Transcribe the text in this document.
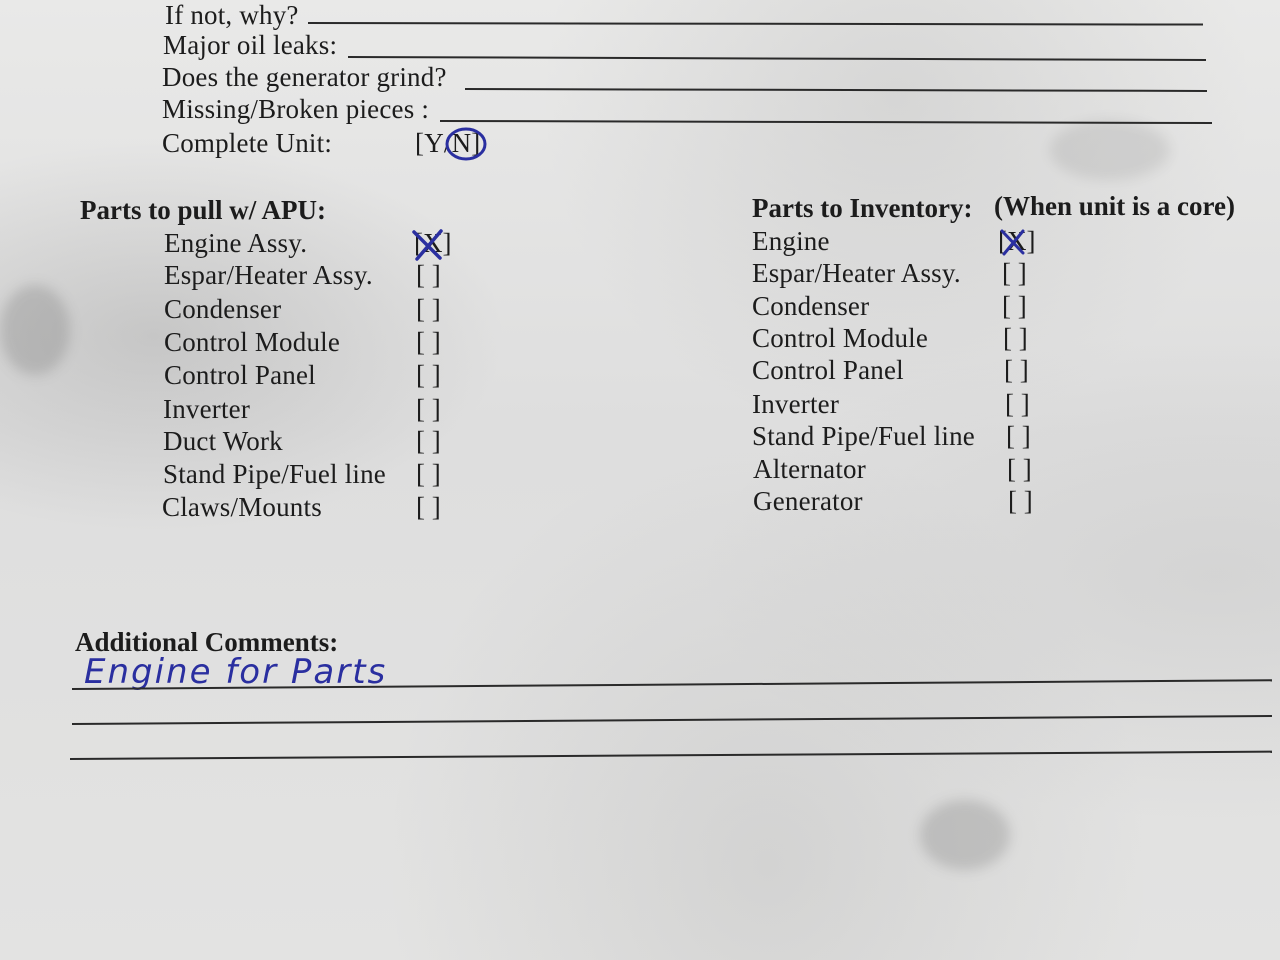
If not, why?
Major oil leaks:
Does the generator grind?
Missing/Broken pieces :
Complete Unit:	[Y/N]
Parts to pull w/ APU:
Engine Assy.	[X]
Espar/Heater Assy. [ ]
Condenser	[ ]
Control Module	[ ]
Control Panel	[ ]
Inverter	[ ]
Duct Work	[ ]
Stand Pipe/Fuel line [ ]
Claws/Mounts	[ ]
Parts to Inventory: (When unit is a core)
Engine	[X]
Espar/Heater Assy. [ ]
Condenser	[ ]
Control Module	[ ]
Control Panel	[ ]
Inverter	[ ]
Stand Pipe/Fuel line [ ]
Alternator	[ ]
Generator	[ ]
Additional Comments:
Engine for Parts
